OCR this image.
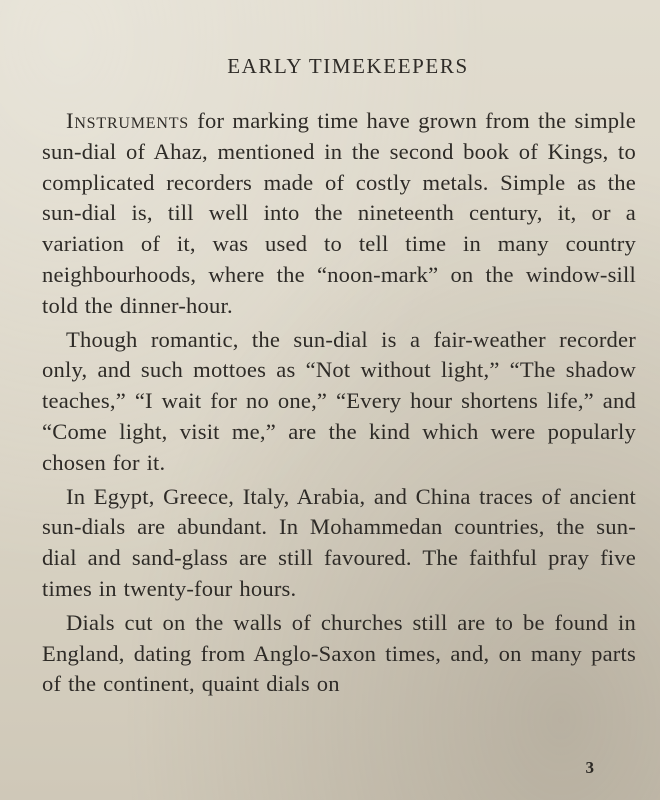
EARLY TIMEKEEPERS

Instruments for marking time have grown from the simple sun-dial of Ahaz, mentioned in the second book of Kings, to complicated recorders made of costly metals. Simple as the sun-dial is, till well into the nineteenth century, it, or a variation of it, was used to tell time in many country neighbourhoods, where the “noon-mark” on the window-sill told the dinner-hour.

Though romantic, the sun-dial is a fair-weather recorder only, and such mottoes as “Not without light,” “The shadow teaches,” “I wait for no one,” “Every hour shortens life,” and “Come light, visit me,” are the kind which were popularly chosen for it.

In Egypt, Greece, Italy, Arabia, and China traces of ancient sun-dials are abundant. In Mohammedan countries, the sun-dial and sand-glass are still favoured. The faithful pray five times in twenty-four hours.

Dials cut on the walls of churches still are to be found in England, dating from Anglo-Saxon times, and, on many parts of the continent, quaint dials on

3
